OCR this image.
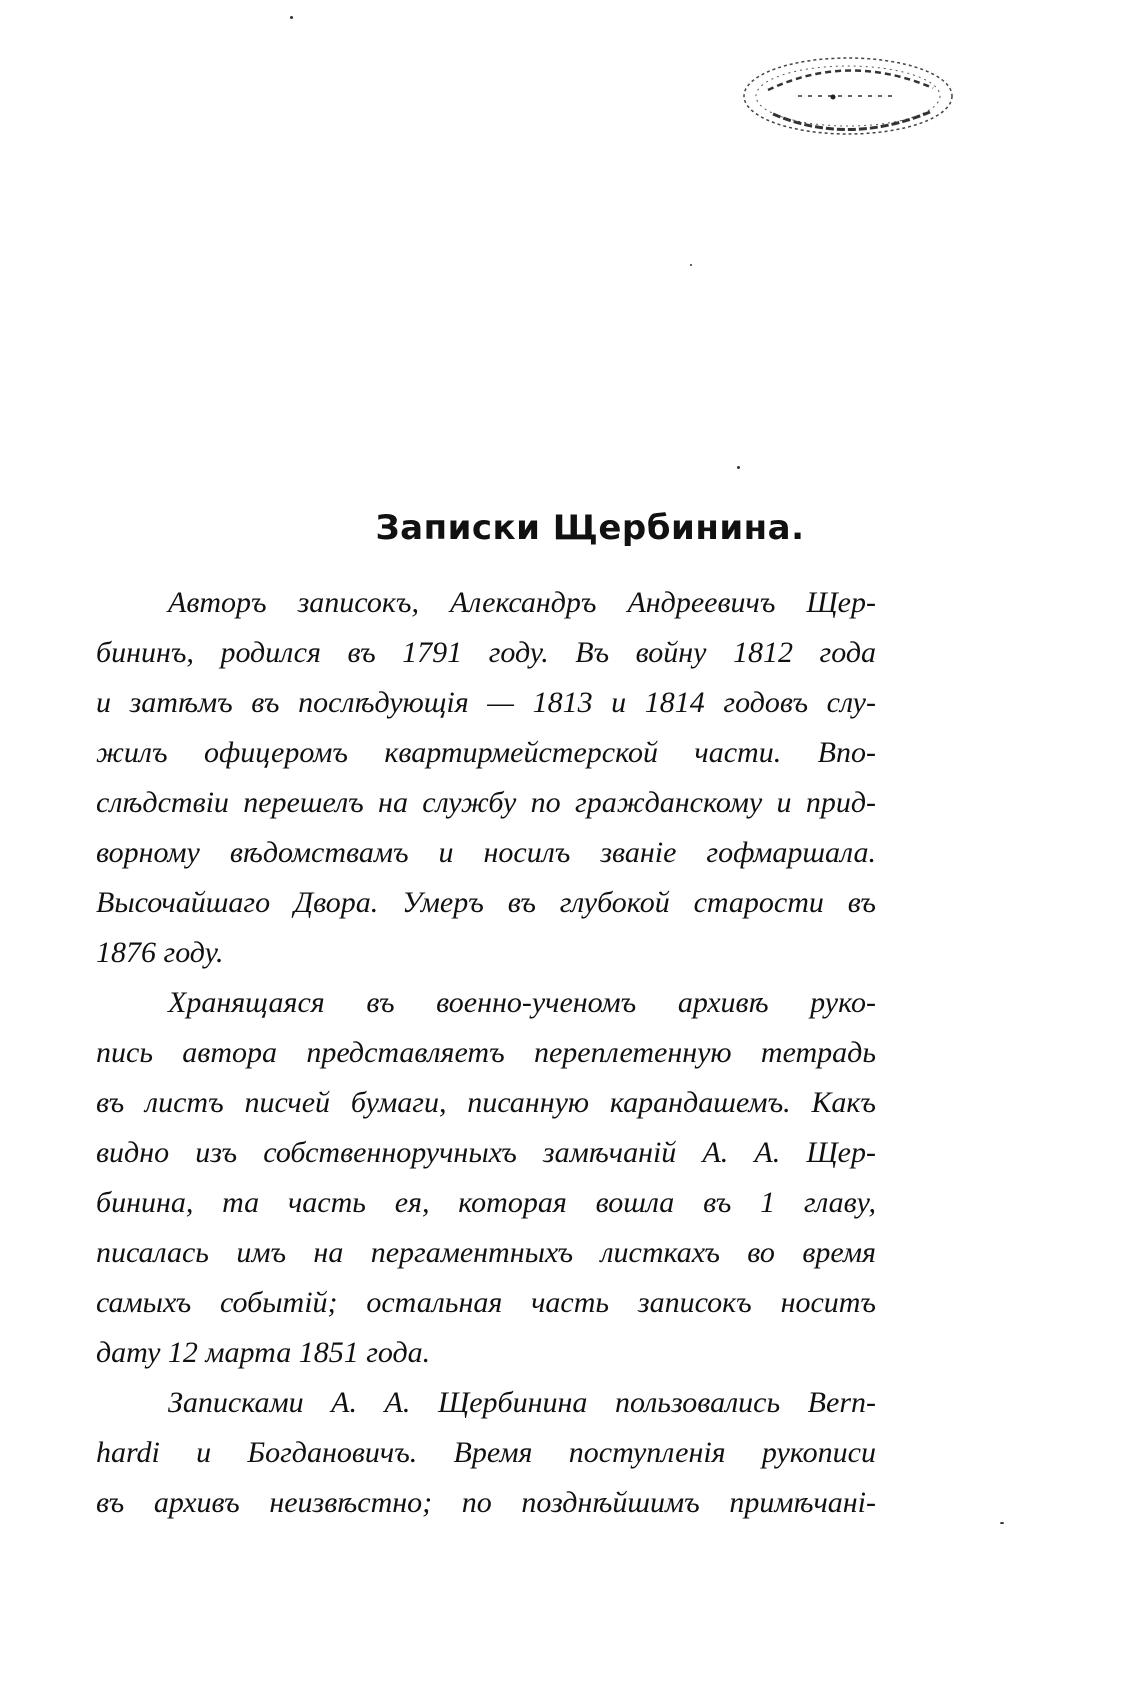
Записки Щербинина.
Авторъ записокъ, Александръ Андреевичъ Щер-
бининъ, родился въ 1791 году. Въ войну 1812 года
и затѣмъ въ послѣдующія — 1813 и 1814 годовъ слу-
жилъ офицеромъ квартирмейстерской части. Впо-
слѣдствіи перешелъ на службу по гражданскому и прид-
ворному вѣдомствамъ и носилъ званіе гофмаршала.
Высочайшаго Двора. Умеръ въ глубокой старости въ
1876 году.
Хранящаяся въ военно-ученомъ архивѣ руко-
пись автора представляетъ переплетенную тетрадь
въ листъ писчей бумаги, писанную карандашемъ. Какъ
видно изъ собственноручныхъ замѣчаній А. А. Щер-
бинина, та часть ея, которая вошла въ 1 главу,
писалась имъ на пергаментныхъ листкахъ во время
самыхъ событій; остальная часть записокъ носитъ
дату 12 марта 1851 года.
Записками А. А. Щербинина пользовались Bern-
hardi и Богдановичъ. Время поступленія рукописи
въ архивъ неизвѣстно; по позднѣйшимъ примѣчані-
